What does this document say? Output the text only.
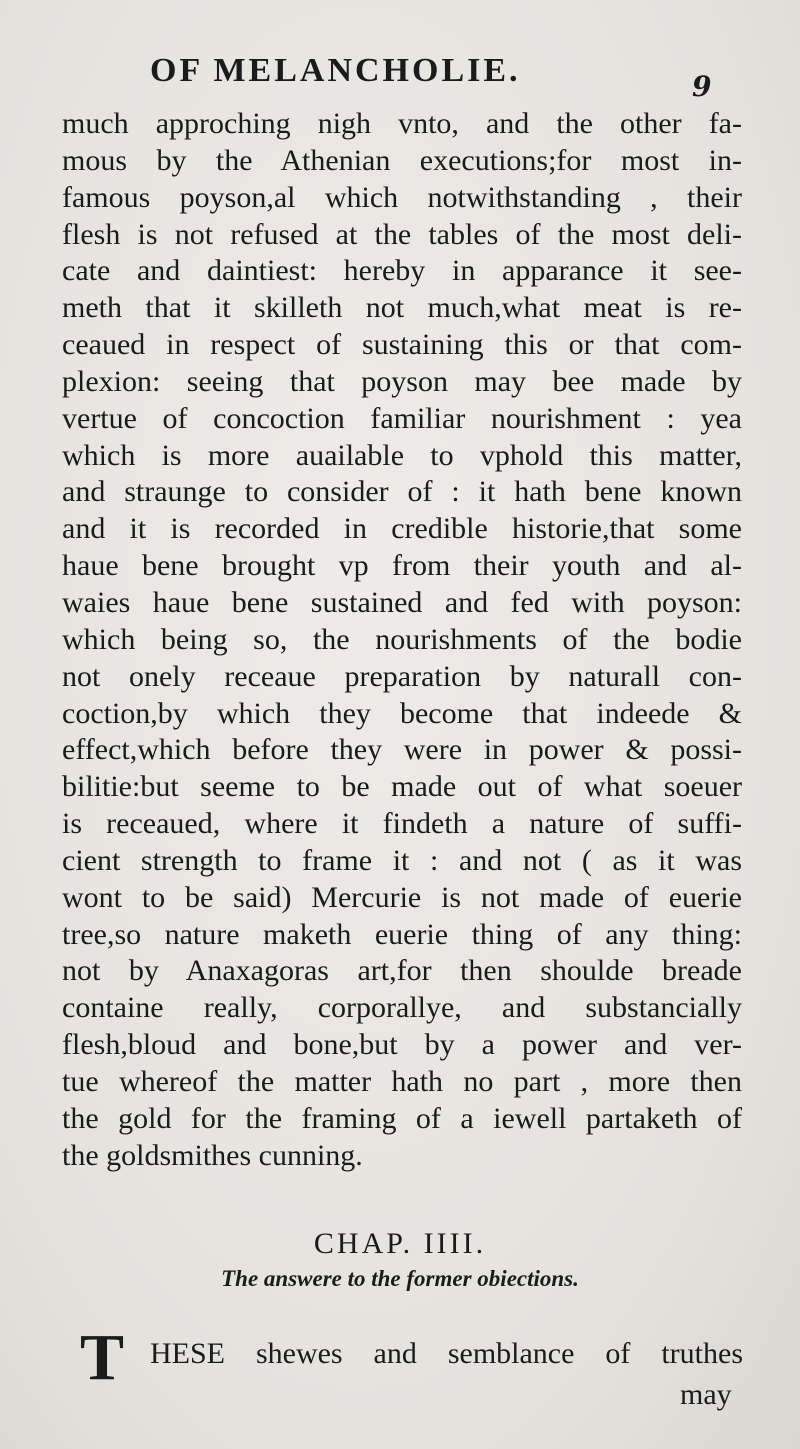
OF MELANCHOLIE.	9
much approching nigh vnto, and the other fa-
mous by the Athenian executions;for most in-
famous poyson,al which notwithstanding , their
flesh is not refused at the tables of the most deli-
cate and daintiest: hereby in apparance it see-
meth that it skilleth not much,what meat is re-
ceaued in respect of sustaining this or that com-
plexion: seeing that poyson may bee made by
vertue of concoction familiar nourishment : yea
which is more auailable to vphold this matter,
and straunge to consider of : it hath bene known
and it is recorded in credible historie,that some
haue bene brought vp from their youth and al-
waies haue bene sustained and fed with poyson:
which being so, the nourishments of the bodie
not onely receaue preparation by naturall con-
coction,by which they become that indeede &
effect,which before they were in power & possi-
bilitie:but seeme to be made out of what soeuer
is receaued, where it findeth a nature of suffi-
cient strength to frame it : and not ( as it was
wont to be said) Mercurie is not made of euerie
tree,so nature maketh euerie thing of any thing:
not by Anaxagoras art,for then shoulde breade
containe really, corporallye, and substancially
flesh,bloud and bone,but by a power and ver-
tue whereof the matter hath no part , more then
the gold for the framing of a iewell partaketh of
the goldsmithes cunning.
CHAP. IIII.
The answere to the former obiections.
T HESE shewes and semblance of truthes
may
